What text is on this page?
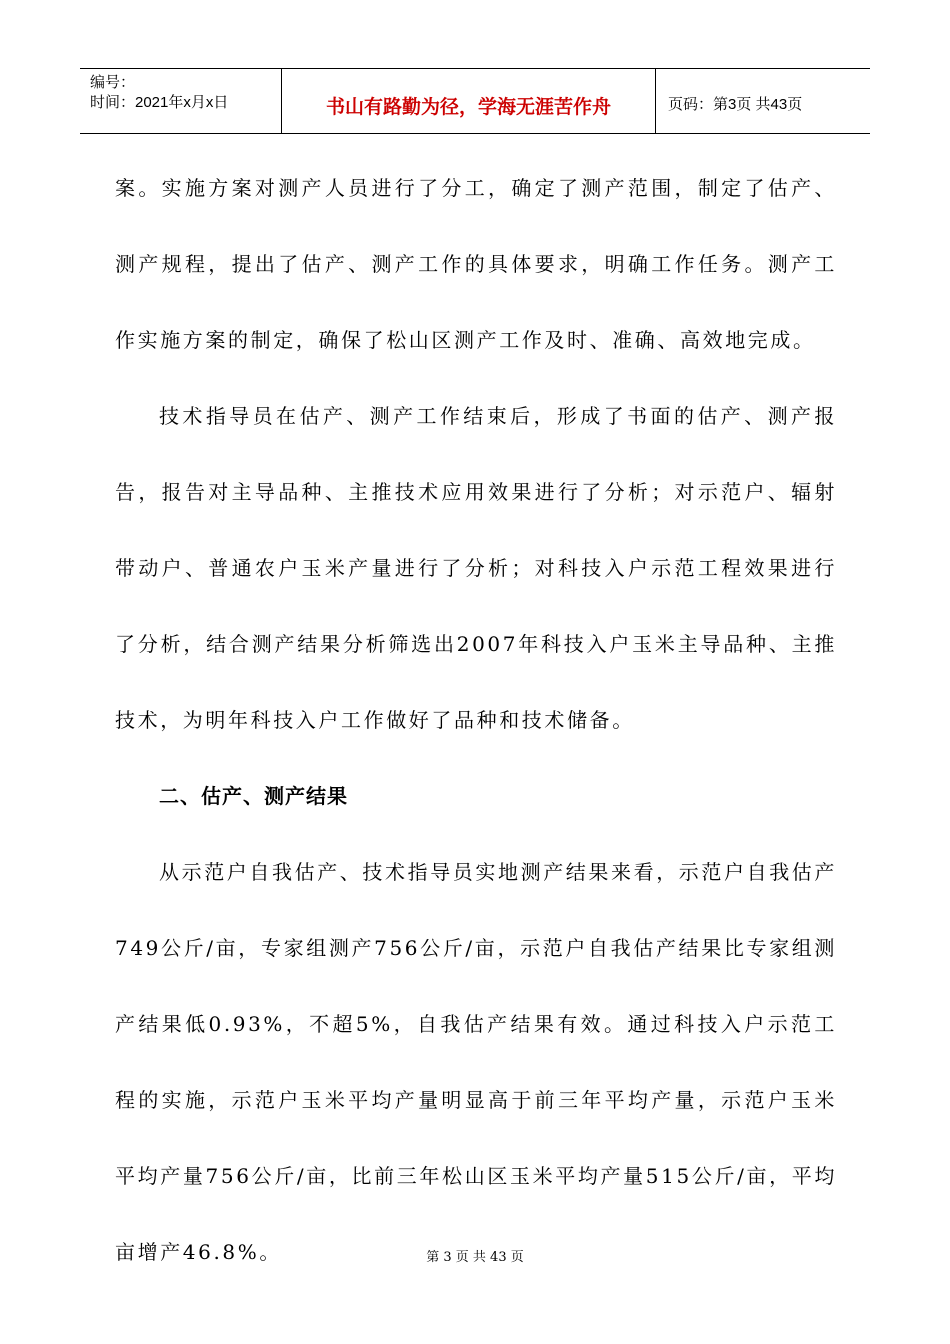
编号：
时间：2021年x月x日	书山有路勤为径，学海无涯苦作舟	页码：第3页 共43页

案。实施方案对测产人员进行了分工，确定了测产范围，制定了估产、测产规程，提出了估产、测产工作的具体要求，明确工作任务。测产工作实施方案的制定，确保了松山区测产工作及时、准确、高效地完成。

技术指导员在估产、测产工作结束后，形成了书面的估产、测产报告，报告对主导品种、主推技术应用效果进行了分析；对示范户、辐射带动户、普通农户玉米产量进行了分析；对科技入户示范工程效果进行了分析，结合测产结果分析筛选出2007年科技入户玉米主导品种、主推技术，为明年科技入户工作做好了品种和技术储备。

二、估产、测产结果

从示范户自我估产、技术指导员实地测产结果来看，示范户自我估产749公斤/亩，专家组测产756公斤/亩，示范户自我估产结果比专家组测产结果低0.93%，不超5%，自我估产结果有效。通过科技入户示范工程的实施，示范户玉米平均产量明显高于前三年平均产量，示范户玉米平均产量756公斤/亩，比前三年松山区玉米平均产量515公斤/亩，平均亩增产46.8%。	第 3 页 共 43 页
